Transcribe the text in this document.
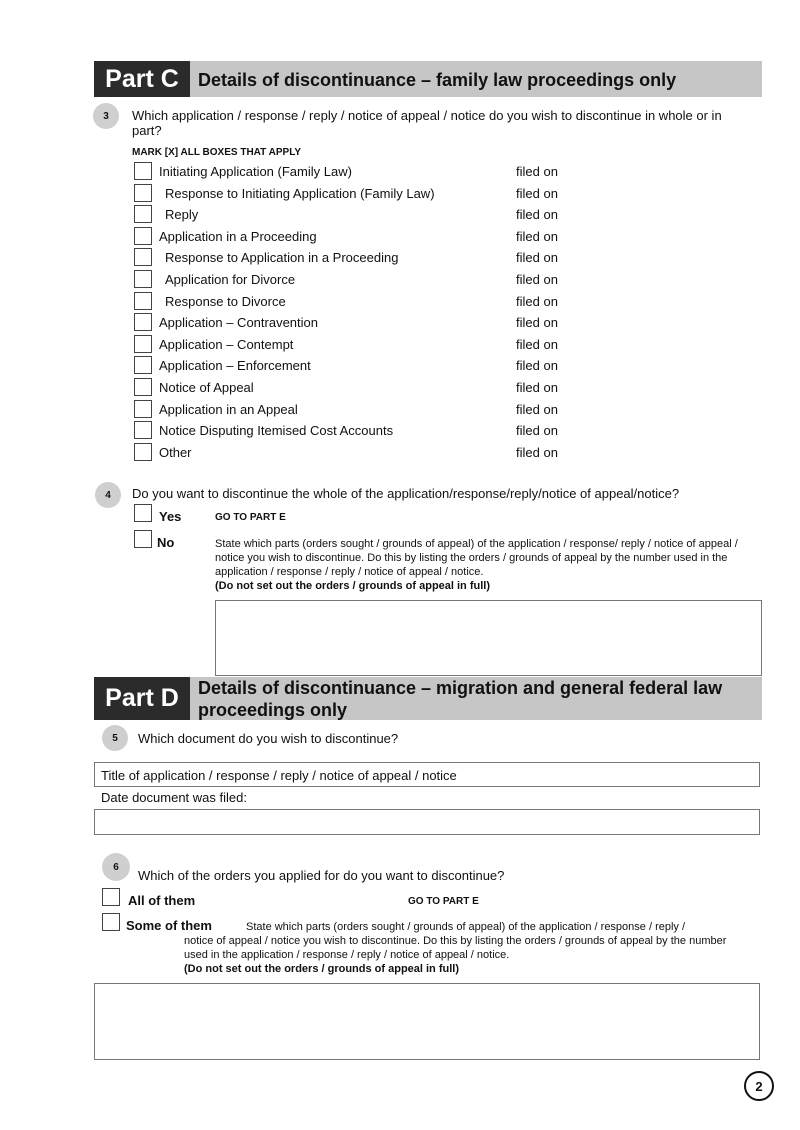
Part C	Details of discontinuance – family law proceedings only
3	Which application / response / reply / notice of appeal / notice do you wish to discontinue in whole or in part?
MARK [X] ALL BOXES THAT APPLY
Initiating Application (Family Law)	filed on
Response to Initiating Application (Family Law)	filed on
Reply	filed on
Application in a Proceeding	filed on
Response to Application in a Proceeding	filed on
Application for Divorce	filed on
Response to Divorce	filed on
Application – Contravention	filed on
Application – Contempt	filed on
Application – Enforcement	filed on
Notice of Appeal	filed on
Application in an Appeal	filed on
Notice Disputing Itemised Cost Accounts	filed on
Other	filed on
4	Do you want to discontinue the whole of the application/response/reply/notice of appeal/notice?
Yes	GO TO PART E
No	State which parts (orders sought / grounds of appeal) of the application / response/ reply / notice of appeal / notice you wish to discontinue. Do this by listing the orders / grounds of appeal by the number used in the application / response / reply / notice of appeal / notice.
(Do not set out the orders / grounds of appeal in full)
Part D	Details of discontinuance – migration and general federal law proceedings only
5	Which document do you wish to discontinue?
Title of application / response / reply / notice of appeal / notice
Date document was filed:
6
Which of the orders you applied for do you want to discontinue?
All of them	GO TO PART E
Some of them	State which parts (orders sought / grounds of appeal) of the application / response / reply /
notice of appeal / notice you wish to discontinue. Do this by listing the orders / grounds of appeal by the number used in the application / response / reply / notice of appeal / notice.
(Do not set out the orders / grounds of appeal in full)
2
